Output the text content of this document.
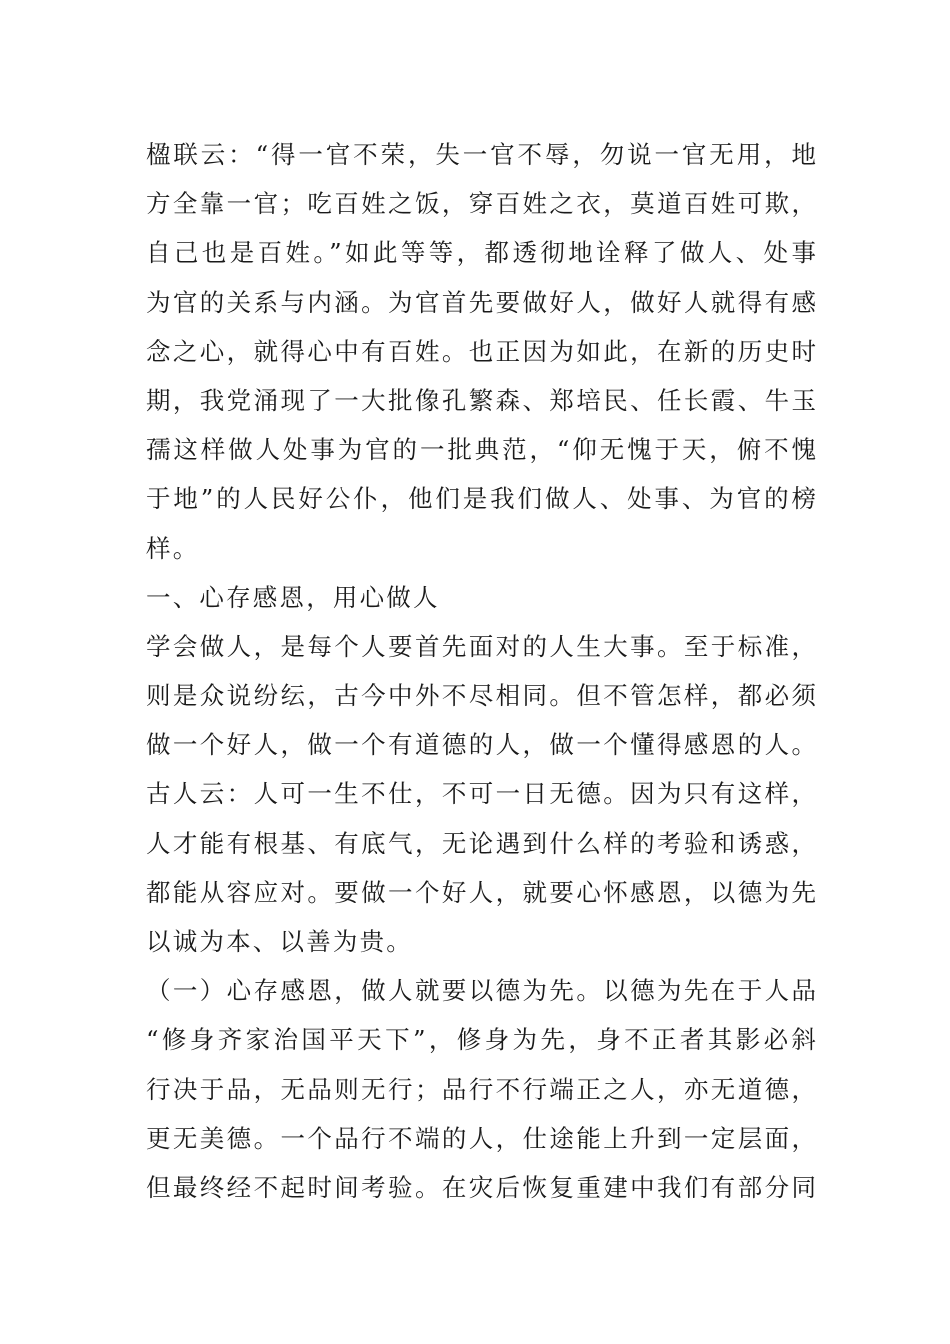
楹联云：“得一官不荣，失一官不辱，勿说一官无用，地
方全靠一官；吃百姓之饭，穿百姓之衣，莫道百姓可欺，
自己也是百姓。”如此等等，都透彻地诠释了做人、处事
为官的关系与内涵。为官首先要做好人，做好人就得有感
念之心，就得心中有百姓。也正因为如此，在新的历史时
期，我党涌现了一大批像孔繁森、郑培民、任长霞、牛玉
孺这样做人处事为官的一批典范，“仰无愧于天，俯不愧
于地”的人民好公仆，他们是我们做人、处事、为官的榜
样。
一、心存感恩，用心做人
学会做人，是每个人要首先面对的人生大事。至于标准，
则是众说纷纭，古今中外不尽相同。但不管怎样，都必须
做一个好人，做一个有道德的人，做一个懂得感恩的人。
古人云：人可一生不仕，不可一日无德。因为只有这样，
人才能有根基、有底气，无论遇到什么样的考验和诱惑，
都能从容应对。要做一个好人，就要心怀感恩，以德为先
以诚为本、以善为贵。
（一）心存感恩，做人就要以德为先。以德为先在于人品
“修身齐家治国平天下”，修身为先，身不正者其影必斜
行决于品，无品则无行；品行不行端正之人，亦无道德，
更无美德。一个品行不端的人，仕途能上升到一定层面，
但最终经不起时间考验。在灾后恢复重建中我们有部分同
